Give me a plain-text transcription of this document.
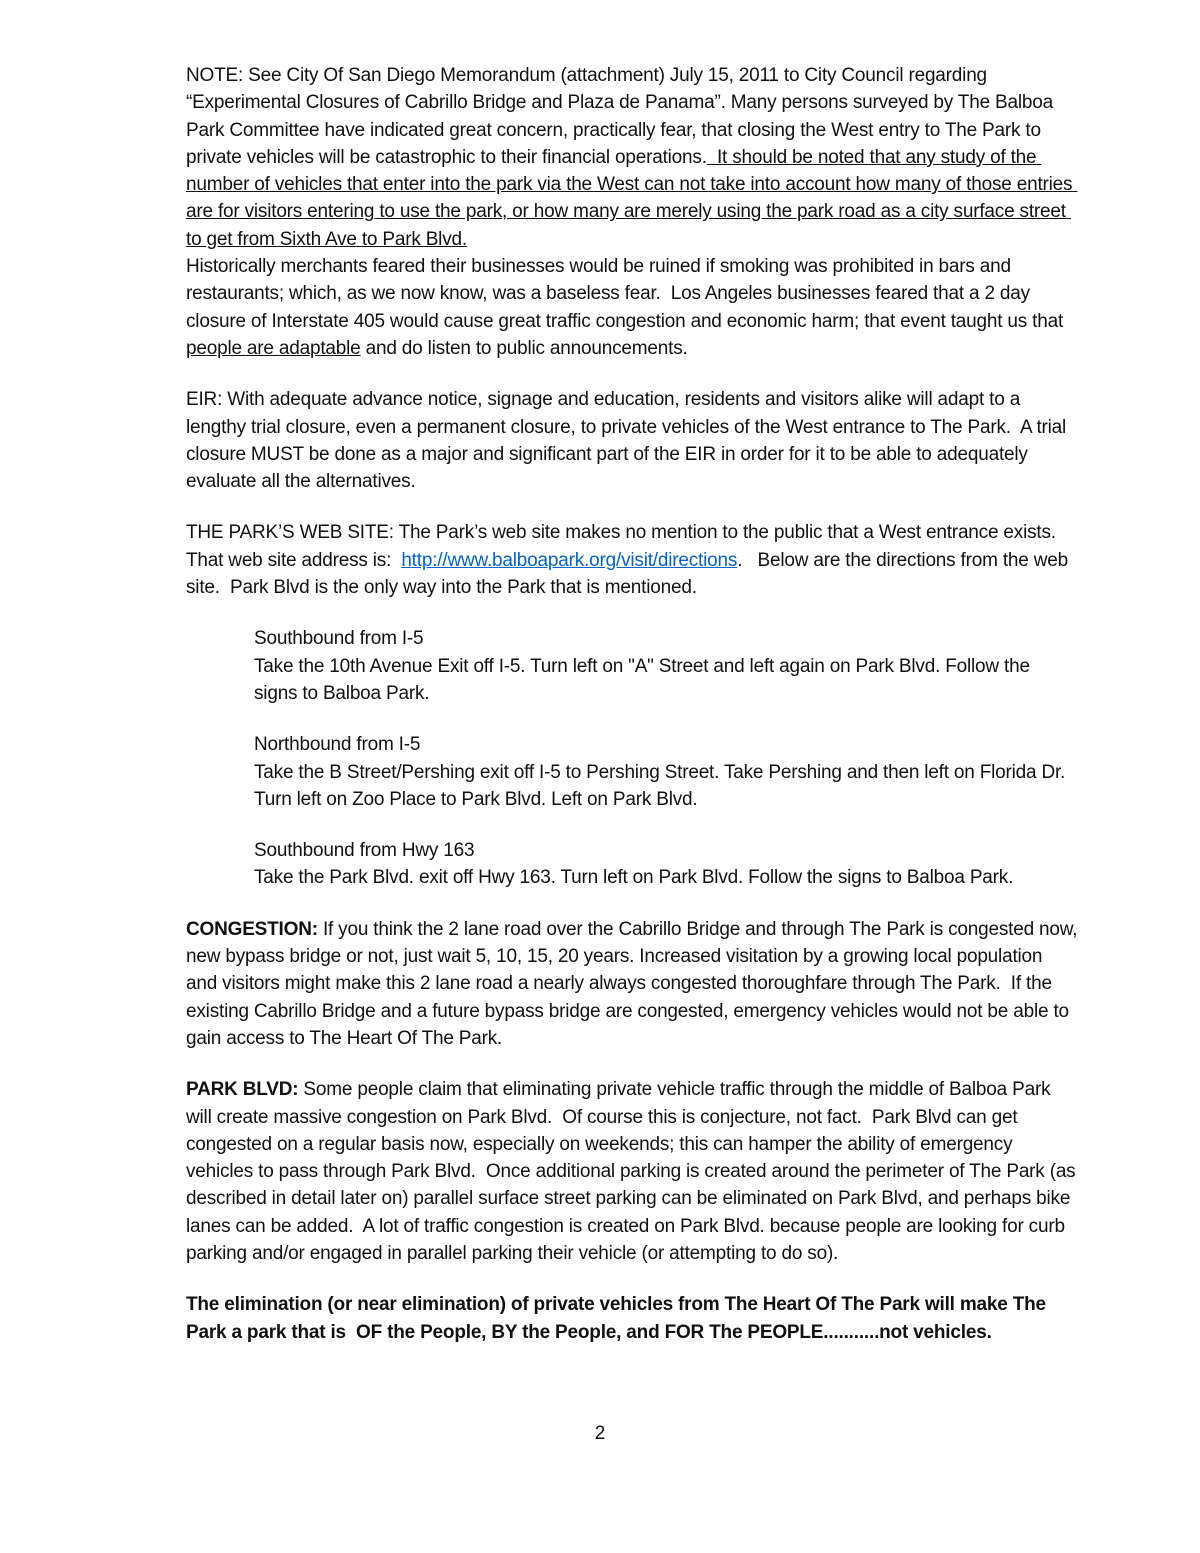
NOTE: See City Of San Diego Memorandum (attachment) July 15, 2011 to City Council regarding “Experimental Closures of Cabrillo Bridge and Plaza de Panama”. Many persons surveyed by The Balboa Park Committee have indicated great concern, practically fear, that closing the West entry to The Park to private vehicles will be catastrophic to their financial operations.  It should be noted that any study of the number of vehicles that enter into the park via the West can not take into account how many of those entries are for visitors entering to use the park, or how many are merely using the park road as a city surface street to get from Sixth Ave to Park Blvd.

Historically merchants feared their businesses would be ruined if smoking was prohibited in bars and restaurants; which, as we now know, was a baseless fear.  Los Angeles businesses feared that a 2 day closure of Interstate 405 would cause great traffic congestion and economic harm; that event taught us that people are adaptable and do listen to public announcements.

EIR: With adequate advance notice, signage and education, residents and visitors alike will adapt to a lengthy trial closure, even a permanent closure, to private vehicles of the West entrance to The Park.  A trial closure MUST be done as a major and significant part of the EIR in order for it to be able to adequately evaluate all the alternatives.

THE PARK’S WEB SITE: The Park’s web site makes no mention to the public that a West entrance exists. That web site address is:  http://www.balboapark.org/visit/directions.   Below are the directions from the web site.  Park Blvd is the only way into the Park that is mentioned.

Southbound from I-5

Take the 10th Avenue Exit off I-5. Turn left on "A" Street and left again on Park Blvd. Follow the signs to Balboa Park.

Northbound from I-5

Take the B Street/Pershing exit off I-5 to Pershing Street. Take Pershing and then left on Florida Dr. Turn left on Zoo Place to Park Blvd. Left on Park Blvd.

Southbound from Hwy 163

Take the Park Blvd. exit off Hwy 163. Turn left on Park Blvd. Follow the signs to Balboa Park.

CONGESTION: If you think the 2 lane road over the Cabrillo Bridge and through The Park is congested now, new bypass bridge or not, just wait 5, 10, 15, 20 years. Increased visitation by a growing local population and visitors might make this 2 lane road a nearly always congested thoroughfare through The Park.  If the existing Cabrillo Bridge and a future bypass bridge are congested, emergency vehicles would not be able to gain access to The Heart Of The Park.

PARK BLVD: Some people claim that eliminating private vehicle traffic through the middle of Balboa Park will create massive congestion on Park Blvd.  Of course this is conjecture, not fact.  Park Blvd can get congested on a regular basis now, especially on weekends; this can hamper the ability of emergency vehicles to pass through Park Blvd.  Once additional parking is created around the perimeter of The Park (as described in detail later on) parallel surface street parking can be eliminated on Park Blvd, and perhaps bike lanes can be added.  A lot of traffic congestion is created on Park Blvd. because people are looking for curb parking and/or engaged in parallel parking their vehicle (or attempting to do so).

The elimination (or near elimination) of private vehicles from The Heart Of The Park will make The Park a park that is  OF the People, BY the People, and FOR The PEOPLE...........not vehicles.

2
